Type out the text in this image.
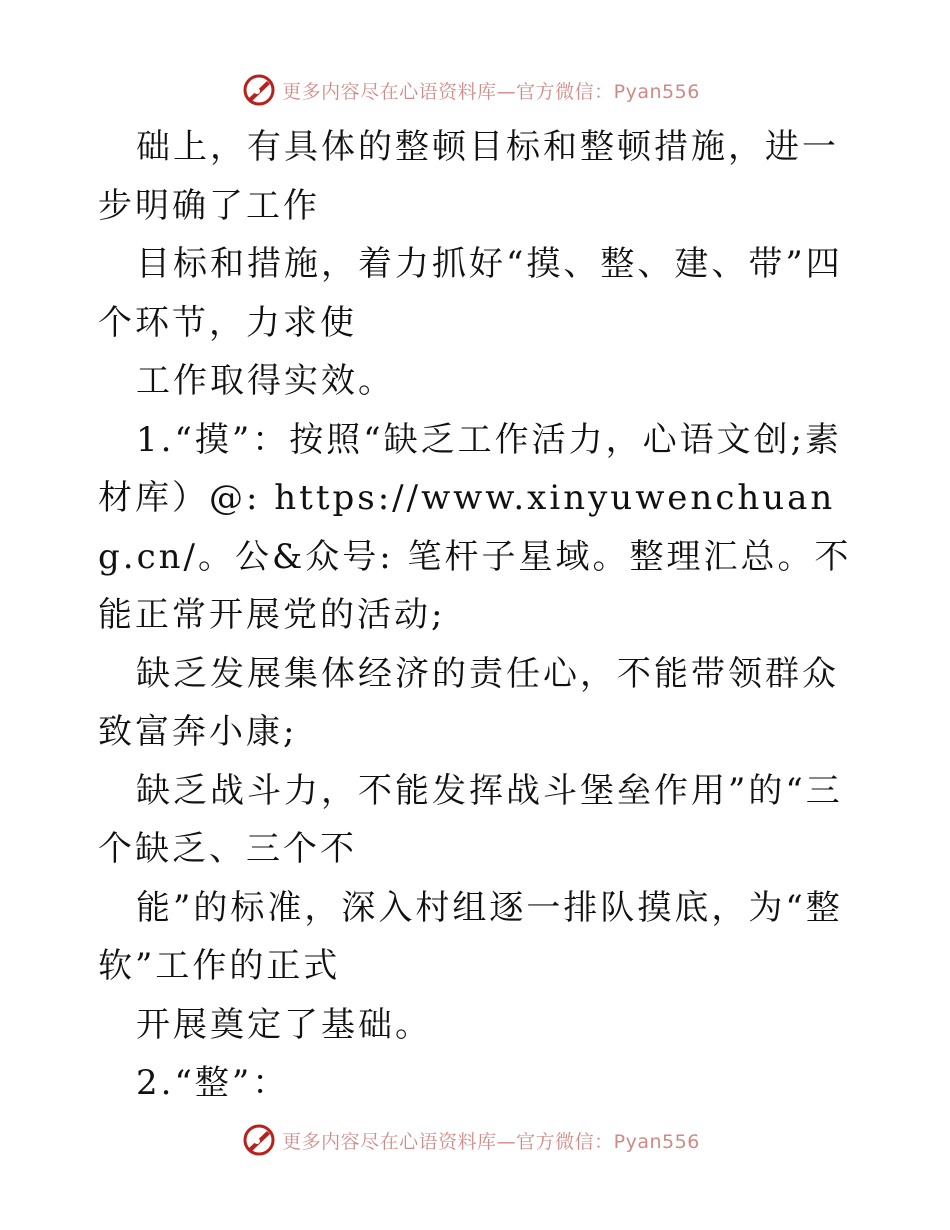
更多内容尽在心语资料库—官方微信：Pyan556

础上，有具体的整顿目标和整顿措施，进一步明确了工作

目标和措施，着力抓好“摸、整、建、带”四个环节，力求使

工作取得实效。

1.“摸”：按照“缺乏工作活力，心语文创;素材库）@: https://www.xinyuwenchuang.cn/。公&众号: 笔杆子星域。整理汇总。不能正常开展党的活动;

缺乏发展集体经济的责任心，不能带领群众致富奔小康;

缺乏战斗力，不能发挥战斗堡垒作用”的“三个缺乏、三个不

能”的标准，深入村组逐一排队摸底，为“整软”工作的正式

开展奠定了基础。

2.“整”：

更多内容尽在心语资料库—官方微信：Pyan556
